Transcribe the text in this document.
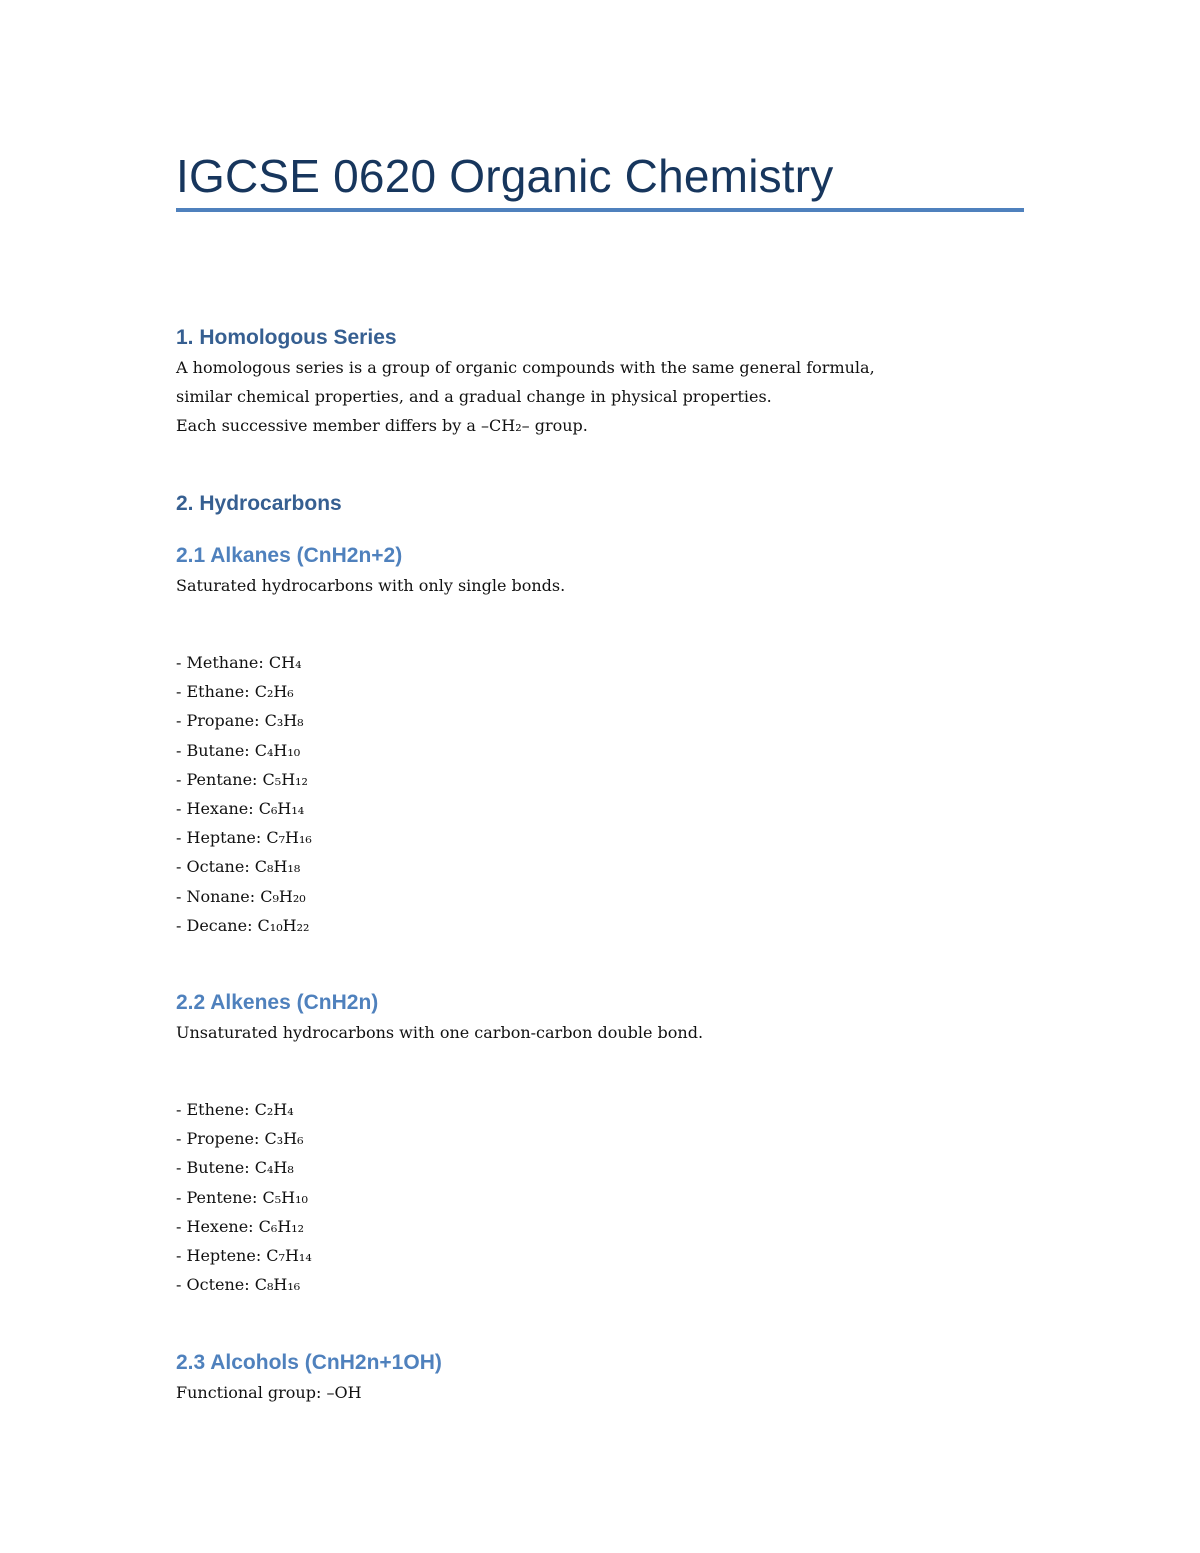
IGCSE 0620 Organic Chemistry
1. Homologous Series

A homologous series is a group of organic compounds with the same general formula,
similar chemical properties, and a gradual change in physical properties.
Each successive member differs by a –CH₂– group.

2. Hydrocarbons
2.1 Alkanes (CnH2n+2)

Saturated hydrocarbons with only single bonds.

- Methane: CH₄
- Ethane: C₂H₆
- Propane: C₃H₈
- Butane: C₄H₁₀
- Pentane: C₅H₁₂
- Hexane: C₆H₁₄
- Heptane: C₇H₁₆
- Octane: C₈H₁₈
- Nonane: C₉H₂₀
- Decane: C₁₀H₂₂
2.2 Alkenes (CnH2n)

Unsaturated hydrocarbons with one carbon-carbon double bond.

- Ethene: C₂H₄
- Propene: C₃H₆
- Butene: C₄H₈
- Pentene: C₅H₁₀
- Hexene: C₆H₁₂
- Heptene: C₇H₁₄
- Octene: C₈H₁₆
2.3 Alcohols (CnH2n+1OH)

Functional group: –OH
